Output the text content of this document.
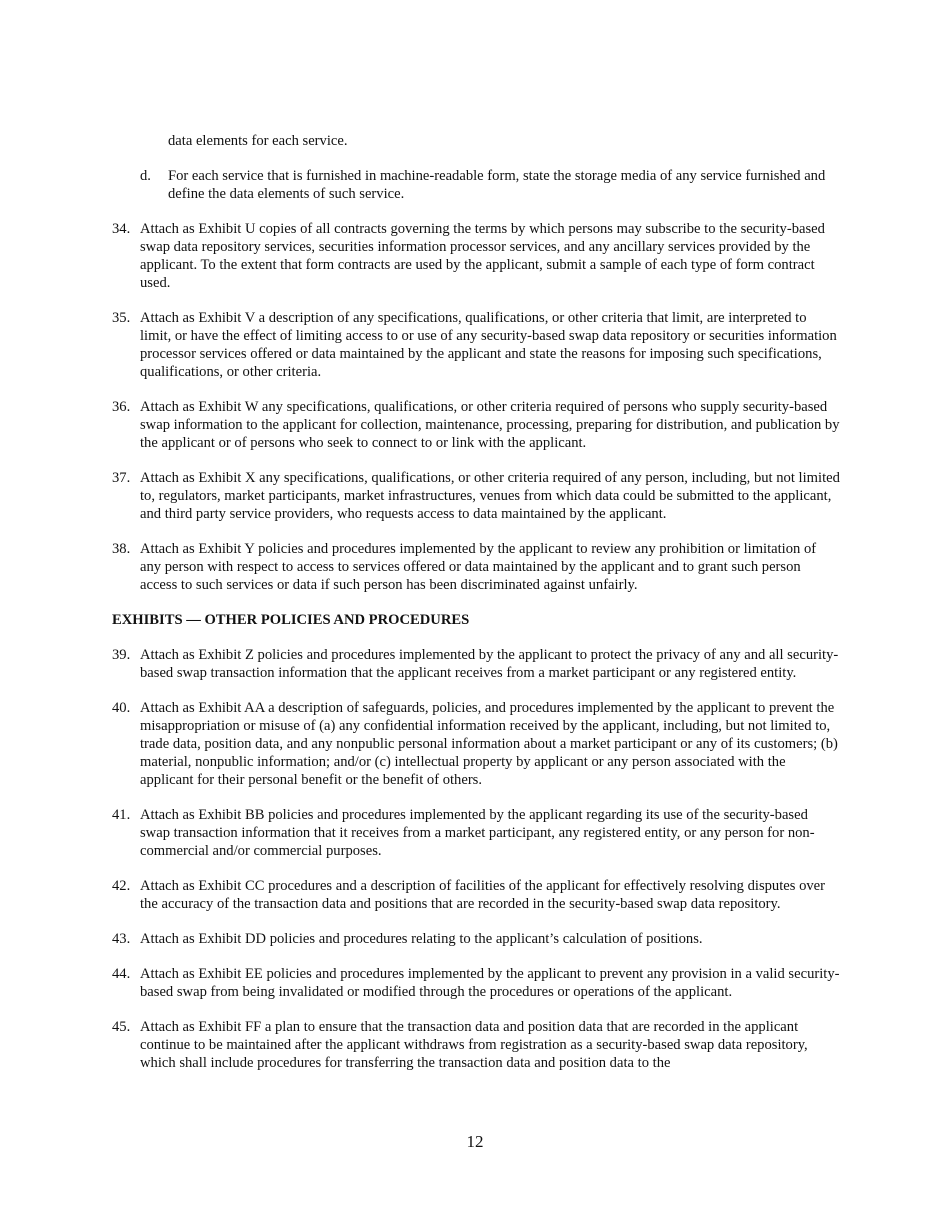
data elements for each service.
d.	For each service that is furnished in machine-readable form, state the storage media of any service furnished and define the data elements of such service.
34. Attach as Exhibit U copies of all contracts governing the terms by which persons may subscribe to the security-based swap data repository services, securities information processor services, and any ancillary services provided by the applicant. To the extent that form contracts are used by the applicant, submit a sample of each type of form contract used.
35. Attach as Exhibit V a description of any specifications, qualifications, or other criteria that limit, are interpreted to limit, or have the effect of limiting access to or use of any security-based swap data repository or securities information processor services offered or data maintained by the applicant and state the reasons for imposing such specifications, qualifications, or other criteria.
36. Attach as Exhibit W any specifications, qualifications, or other criteria required of persons who supply security-based swap information to the applicant for collection, maintenance, processing, preparing for distribution, and publication by the applicant or of persons who seek to connect to or link with the applicant.
37. Attach as Exhibit X any specifications, qualifications, or other criteria required of any person, including, but not limited to, regulators, market participants, market infrastructures, venues from which data could be submitted to the applicant, and third party service providers, who requests access to data maintained by the applicant.
38. Attach as Exhibit Y policies and procedures implemented by the applicant to review any prohibition or limitation of any person with respect to access to services offered or data maintained by the applicant and to grant such person access to such services or data if such person has been discriminated against unfairly.
EXHIBITS — OTHER POLICIES AND PROCEDURES
39. Attach as Exhibit Z policies and procedures implemented by the applicant to protect the privacy of any and all security-based swap transaction information that the applicant receives from a market participant or any registered entity.
40. Attach as Exhibit AA a description of safeguards, policies, and procedures implemented by the applicant to prevent the misappropriation or misuse of (a) any confidential information received by the applicant, including, but not limited to, trade data, position data, and any nonpublic personal information about a market participant or any of its customers; (b) material, nonpublic information; and/or (c) intellectual property by applicant or any person associated with the applicant for their personal benefit or the benefit of others.
41. Attach as Exhibit BB policies and procedures implemented by the applicant regarding its use of the security-based swap transaction information that it receives from a market participant, any registered entity, or any person for non-commercial and/or commercial purposes.
42. Attach as Exhibit CC procedures and a description of facilities of the applicant for effectively resolving disputes over the accuracy of the transaction data and positions that are recorded in the security-based swap data repository.
43. Attach as Exhibit DD policies and procedures relating to the applicant’s calculation of positions.
44. Attach as Exhibit EE policies and procedures implemented by the applicant to prevent any provision in a valid security-based swap from being invalidated or modified through the procedures or operations of the applicant.
45. Attach as Exhibit FF a plan to ensure that the transaction data and position data that are recorded in the applicant continue to be maintained after the applicant withdraws from registration as a security-based swap data repository, which shall include procedures for transferring the transaction data and position data to the
12
